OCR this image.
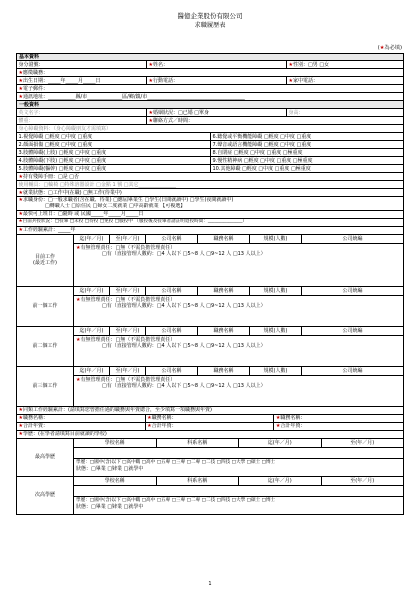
醫億企業股份有限公司
求職履歷表
(★為必填)
基本資料
身分證號：	★ 姓名：	★ 性別： □男 □女
★ 應徵職務：
★ 出生日期：_____年_____月_____日	★ 行動電話：	★ 家中電話：
★ 電子郵件：
★ 通訊地址：___________縣/市______________區/鄉/鎮/市_______________________________________
一般資料
英文名字：	★ 婚姻狀況：□已婚 □單身	身高：
體重：	★ 聯絡方式／時間：
身心障礙資料：（身心障礙朋友才需填寫）
1.視覺障礙 □輕度 □中度 □重度	6.聽覺或平衡機能障礙 □輕度 □中度 □重度
2.顏面損傷 □輕度 □中度 □重度	7.聲音或語言機能障礙 □輕度 □中度 □重度
3.肢體障礙(上肢) □輕度 □中度 □重度	8.自閉症 □輕度 □中度 □重度 □極重度
4.肢體障礙(下肢) □輕度 □中度 □重度	9.慢性精神病 □輕度 □中度 □重度 □極重度
5.肢體障礙(軀幹) □輕度 □中度 □重度	10.其他障礙 □輕度 □中度 □重度 □極重度
★ 持有殘障手冊：□是 □否
使用輔具：□輪椅 □特殊溶器設計 □金點 1 號 □其它_______________
★ 就業狀態：□工作中(在職) □無工作(待業中)
★ 求職身份：□一般求職者(含在職、待業) □應屆畢業生 □學生(日間就讀中) □學生(夜間就讀中)
□轉職人士 □原住民 □婦女二度就業 □中高齡就業 【可複選】
★ 最快可上班日：□隨時 或 民國_____年_____月_____日
★ 目前兵役狀況：□役畢 □未役 □待役 □免役 □服役中 （服役後及役畢者請註明退役時間：_______________）
★ 工作經驗累計：_____年
目前工作
(最近工作)
迄(年／月)	至(年／月)	公司名稱	職務名稱	規模(人數)	公司統編
★有無管理責任：□無（不需負擔管理責任）
□有（直接管理人數約：□4 人以下 □5~8 人 □9~12 人 □13 人以上）
前一個工作
迄(年／月)	至(年／月)	公司名稱	職務名稱	規模(人數)	公司統編
★有無管理責任：□無（不需負擔管理責任）
□有（直接管理人數約：□4 人以下 □5~8 人 □9~12 人 □13 人以上）
前二個工作
迄(年／月)	至(年／月)	公司名稱	職務名稱	規模(人數)	公司統編
★有無管理責任：□無（不需負擔管理責任）
□有（直接管理人數約：□4 人以下 □5~8 人 □9~12 人 □13 人以上）
前三個工作
迄(年／月)	至(年／月)	公司名稱	職務名稱	規模(人數)	公司統編
★有無管理責任：□無（不需負擔管理責任）
□有（直接管理人數約：□4 人以下 □5~8 人 □9~12 人 □13 人以上）
★ 同類工作經驗累計：(請填寫您曾擔任過的職務與年資總合，至少填寫一項職務與年資)
★ 職務名稱：	★ 職務名稱：	★ 職務名稱：
★ 合計年資：	★ 合計年資：	★ 合計年資：
★ 學歷：(在學者請填寫目前就讀的學校)
最高學歷
學校名稱	科系名稱	迄(年／月)	至(年／月)
學歷：□國中(含)以下 □高中職 □高中 □五專 □三專 □二專 □二技 □四技 □大學 □碩士 □博士
狀態：□畢業 □肄業 □就學中
次高學歷
學校名稱	科系名稱	迄(年／月)	至(年／月)
學歷：□國中(含)以下 □高中職 □高中 □五專 □三專 □二專 □二技 □四技 □大學 □碩士 □博士
狀態：□畢業 □肄業 □就學中
1
